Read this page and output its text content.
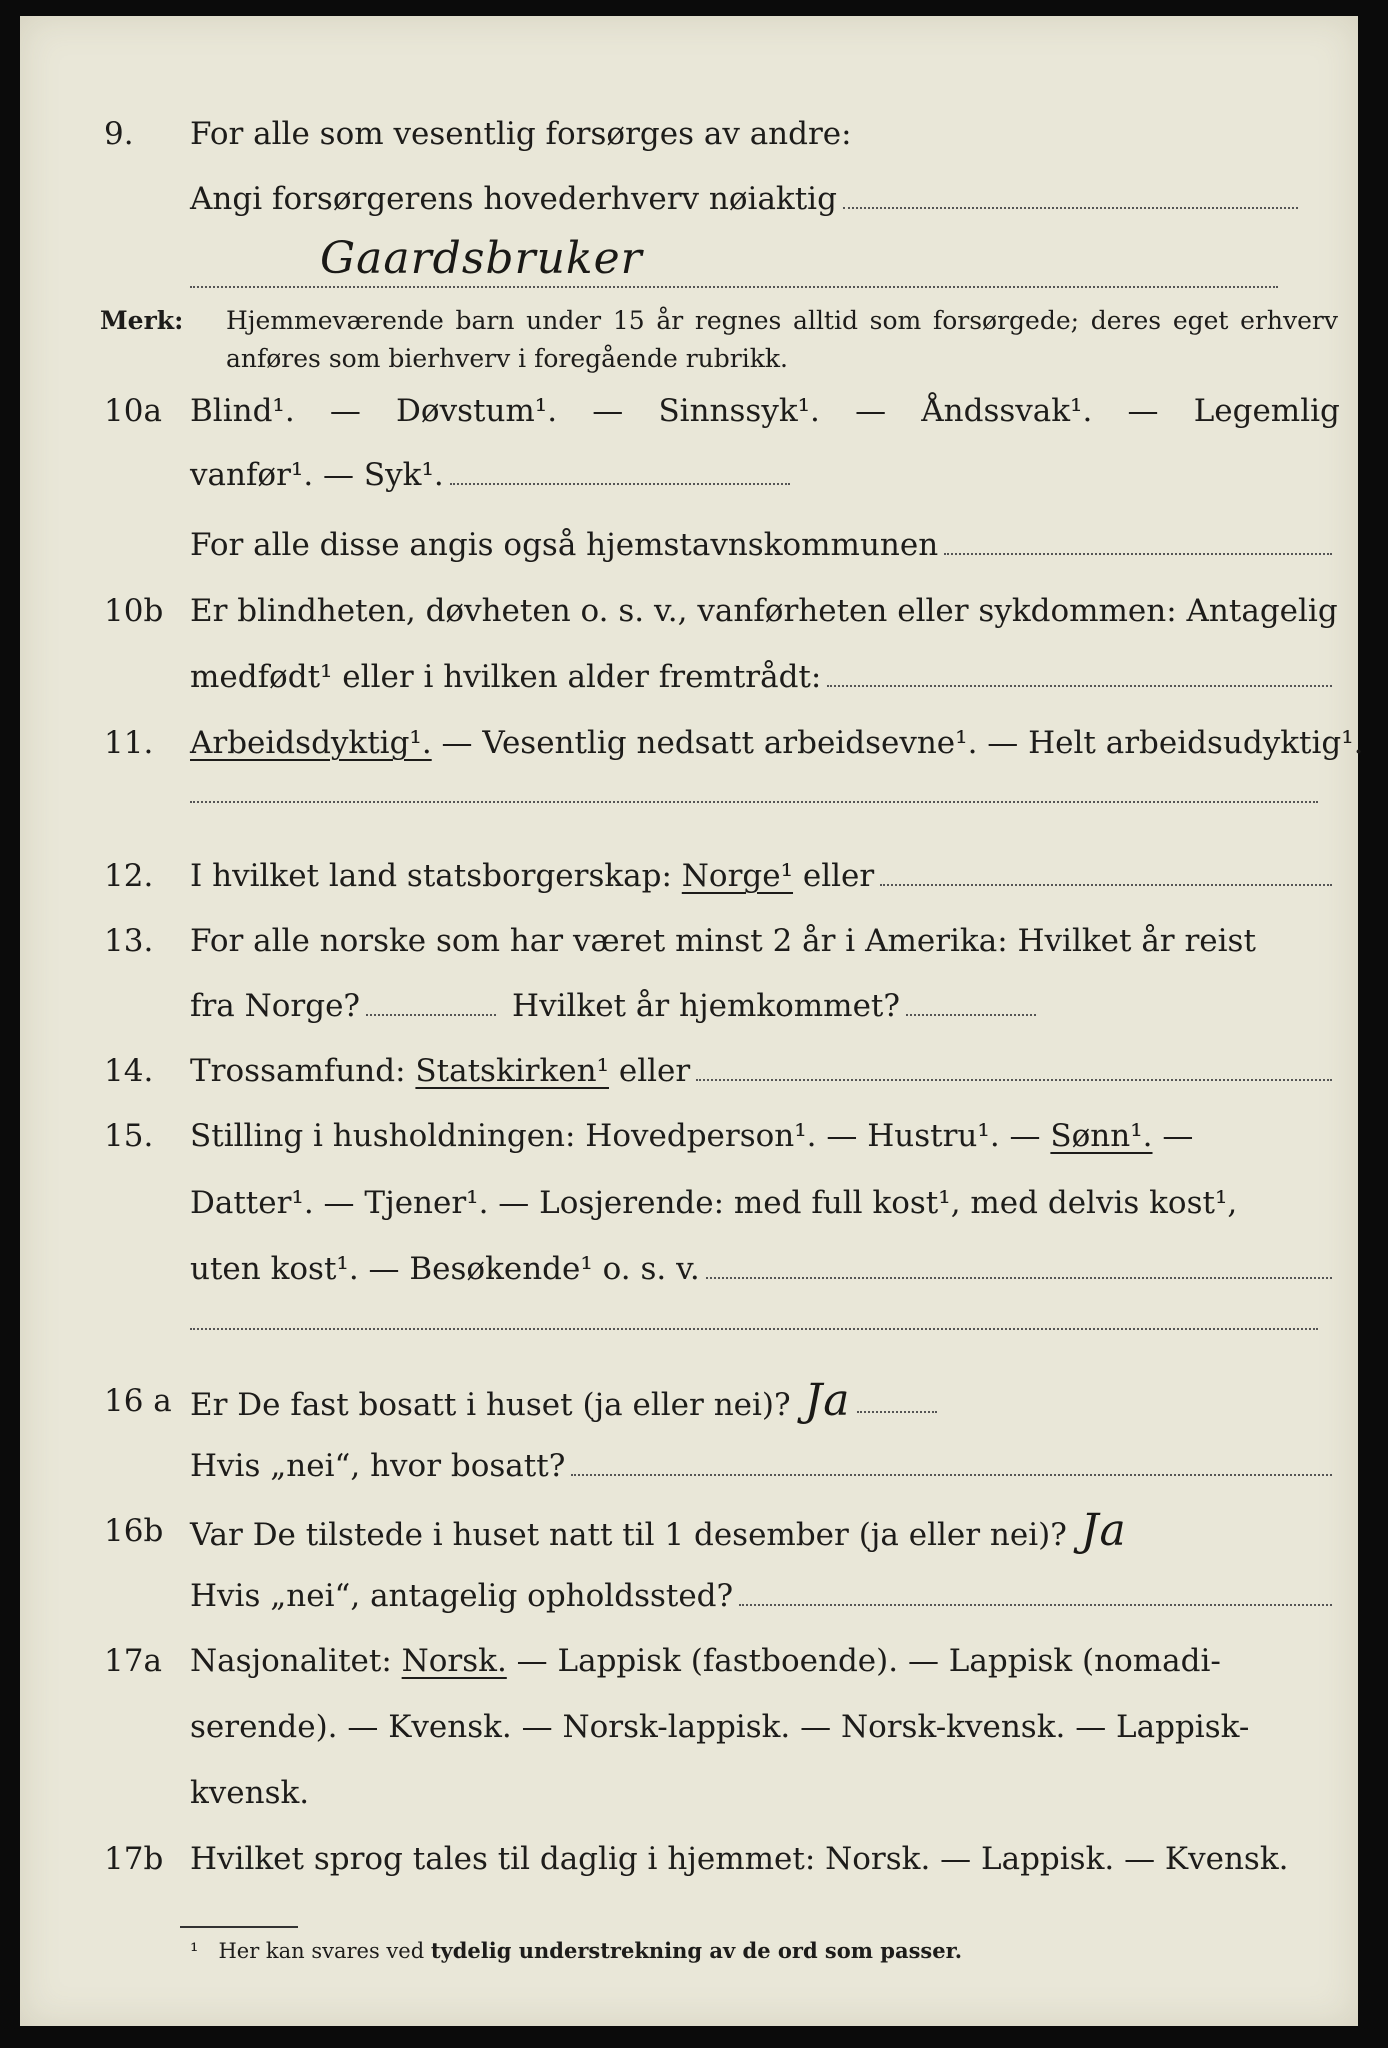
9. For alle som vesentlig forsørges av andre:
Angi forsørgerens hovederhverv nøiaktig
Gaardsbruker
Merk: Hjemmeværende barn under 15 år regnes alltid som forsørgede; deres eget erhverv anføres som bierhverv i foregående rubrikk.
10a Blind¹. — Døvstum¹. — Sinnssyk¹. — Åndssvak¹. — Legemlig
vanfør¹. — Syk¹.
For alle disse angis også hjemstavnskommunen
10b Er blindheten, døvheten o. s. v., vanførheten eller sykdommen: Antagelig
medfødt¹ eller i hvilken alder fremtrådt:
11. Arbeidsdyktig¹. — Vesentlig nedsatt arbeidsevne¹. — Helt arbeidsudyktig¹.
12. I hvilket land statsborgerskap: Norge¹ eller
13. For alle norske som har været minst 2 år i Amerika: Hvilket år reist
fra Norge?	Hvilket år hjemkommet?
14. Trossamfund: Statskirken¹ eller
15. Stilling i husholdningen: Hovedperson¹. — Hustru¹. — Sønn¹. —
Datter¹. — Tjener¹. — Losjerende: med full kost¹, med delvis kost¹,
uten kost¹. — Besøkende¹ o. s. v.
16 a Er De fast bosatt i huset (ja eller nei)? Ja
Hvis „nei“, hvor bosatt?
16b Var De tilstede i huset natt til 1 desember (ja eller nei)? Ja
Hvis „nei“, antagelig opholdssted?
17a Nasjonalitet: Norsk. — Lappisk (fastboende). — Lappisk (nomadi-
serende). — Kvensk. — Norsk-lappisk. — Norsk-kvensk. — Lappisk-
kvensk.
17b Hvilket sprog tales til daglig i hjemmet: Norsk. — Lappisk. — Kvensk.
¹ Her kan svares ved tydelig understrekning av de ord som passer.
